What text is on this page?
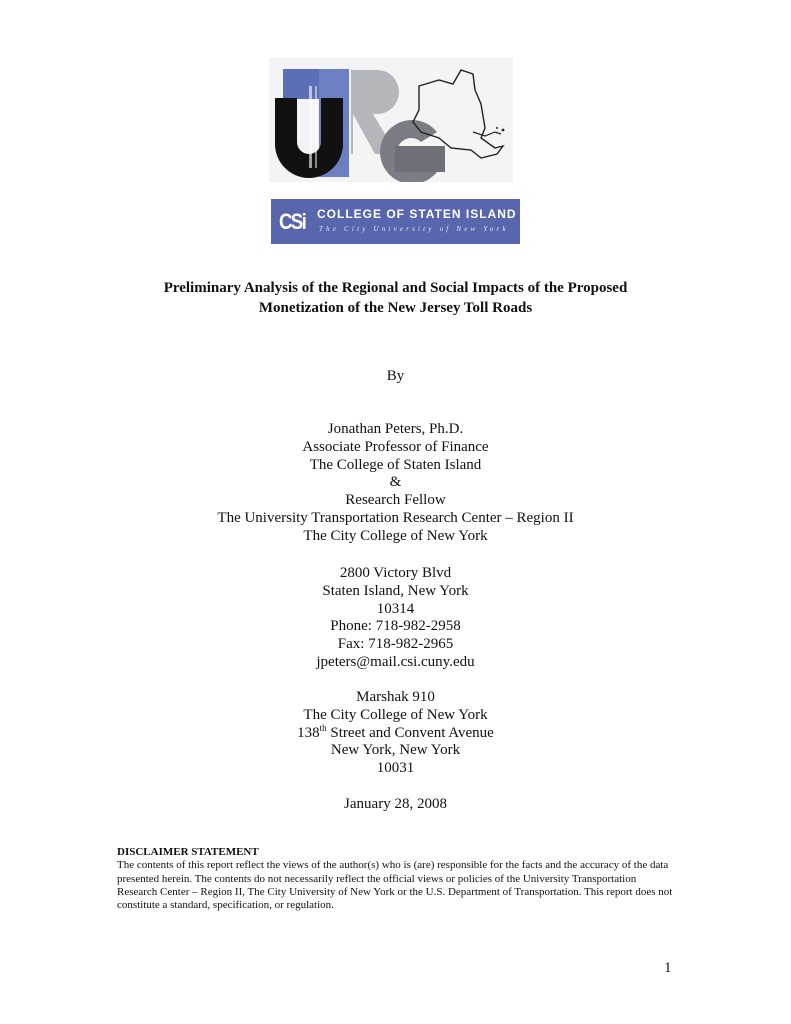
CSi COLLEGE OF STATEN ISLAND
The City University of New York
Preliminary Analysis of the Regional and Social Impacts of the Proposed
Monetization of the New Jersey Toll Roads
By
Jonathan Peters, Ph.D.
Associate Professor of Finance
The College of Staten Island
&
Research Fellow
The University Transportation Research Center – Region II
The City College of New York
2800 Victory Blvd
Staten Island, New York
10314
Phone: 718-982-2958
Fax: 718-982-2965
jpeters@mail.csi.cuny.edu
Marshak 910
The City College of New York
138th Street and Convent Avenue
New York, New York
10031
January 28, 2008
DISCLAIMER STATEMENT
The contents of this report reflect the views of the author(s) who is (are) responsible for the facts and the accuracy of the data presented herein. The contents do not necessarily reflect the official views or policies of the University Transportation Research Center – Region II, The City University of New York or the U.S. Department of Transportation. This report does not constitute a standard, specification, or regulation.
1
